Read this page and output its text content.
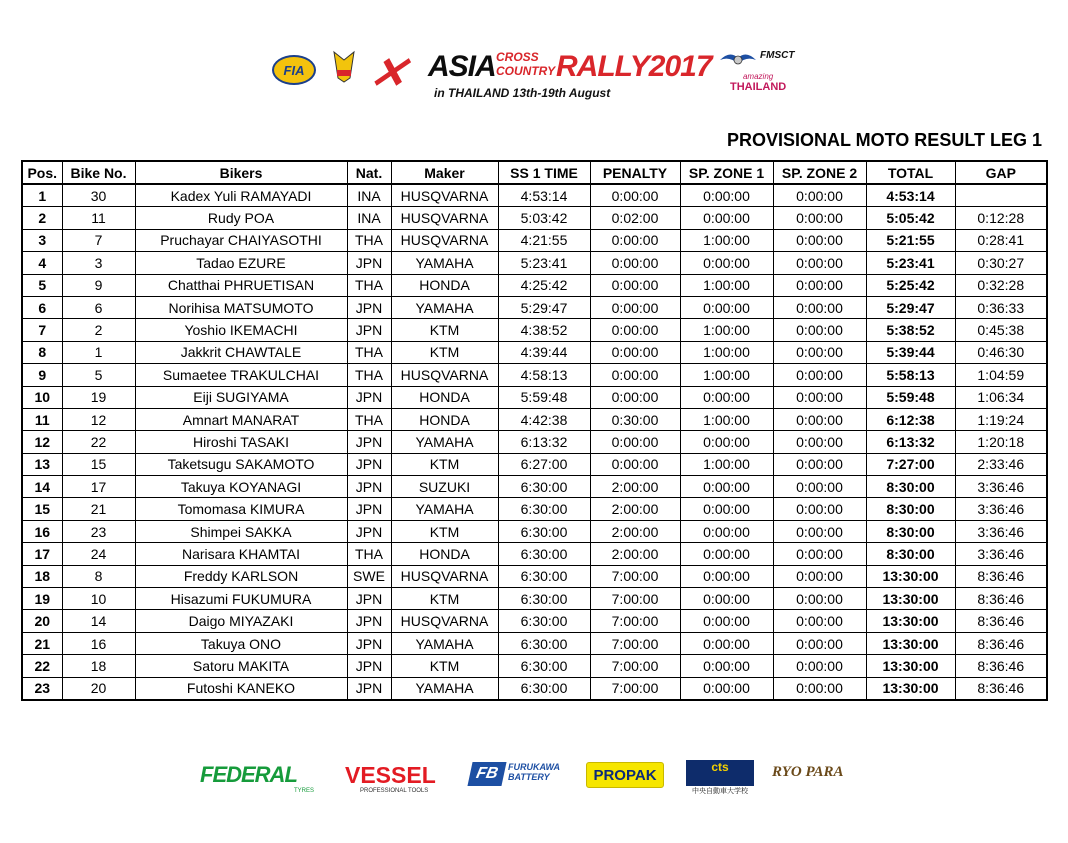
FIA ✕ ASIA CROSS
COUNTRY RALLY2017
in THAILAND 13th-19th August
FMSCT
amazing
THAILAND
PROVISIONAL MOTO RESULT LEG 1
Pos.	Bike No.	Bikers	Nat.	Maker	SS 1 TIME	PENALTY	SP. ZONE 1	SP. ZONE 2	TOTAL	GAP
1	30	Kadex Yuli RAMAYADI	INA	HUSQVARNA	4:53:14	0:00:00	0:00:00	0:00:00	4:53:14	
2	11	Rudy POA	INA	HUSQVARNA	5:03:42	0:02:00	0:00:00	0:00:00	5:05:42	0:12:28
3	7	Pruchayar CHAIYASOTHI	THA	HUSQVARNA	4:21:55	0:00:00	1:00:00	0:00:00	5:21:55	0:28:41
4	3	Tadao EZURE	JPN	YAMAHA	5:23:41	0:00:00	0:00:00	0:00:00	5:23:41	0:30:27
5	9	Chatthai PHRUETISAN	THA	HONDA	4:25:42	0:00:00	1:00:00	0:00:00	5:25:42	0:32:28
6	6	Norihisa MATSUMOTO	JPN	YAMAHA	5:29:47	0:00:00	0:00:00	0:00:00	5:29:47	0:36:33
7	2	Yoshio IKEMACHI	JPN	KTM	4:38:52	0:00:00	1:00:00	0:00:00	5:38:52	0:45:38
8	1	Jakkrit CHAWTALE	THA	KTM	4:39:44	0:00:00	1:00:00	0:00:00	5:39:44	0:46:30
9	5	Sumaetee TRAKULCHAI	THA	HUSQVARNA	4:58:13	0:00:00	1:00:00	0:00:00	5:58:13	1:04:59
10	19	Eiji SUGIYAMA	JPN	HONDA	5:59:48	0:00:00	0:00:00	0:00:00	5:59:48	1:06:34
11	12	Amnart MANARAT	THA	HONDA	4:42:38	0:30:00	1:00:00	0:00:00	6:12:38	1:19:24
12	22	Hiroshi TASAKI	JPN	YAMAHA	6:13:32	0:00:00	0:00:00	0:00:00	6:13:32	1:20:18
13	15	Taketsugu SAKAMOTO	JPN	KTM	6:27:00	0:00:00	1:00:00	0:00:00	7:27:00	2:33:46
14	17	Takuya KOYANAGI	JPN	SUZUKI	6:30:00	2:00:00	0:00:00	0:00:00	8:30:00	3:36:46
15	21	Tomomasa KIMURA	JPN	YAMAHA	6:30:00	2:00:00	0:00:00	0:00:00	8:30:00	3:36:46
16	23	Shimpei SAKKA	JPN	KTM	6:30:00	2:00:00	0:00:00	0:00:00	8:30:00	3:36:46
17	24	Narisara KHAMTAI	THA	HONDA	6:30:00	2:00:00	0:00:00	0:00:00	8:30:00	3:36:46
18	8	Freddy KARLSON	SWE	HUSQVARNA	6:30:00	7:00:00	0:00:00	0:00:00	13:30:00	8:36:46
19	10	Hisazumi FUKUMURA	JPN	KTM	6:30:00	7:00:00	0:00:00	0:00:00	13:30:00	8:36:46
20	14	Daigo MIYAZAKI	JPN	HUSQVARNA	6:30:00	7:00:00	0:00:00	0:00:00	13:30:00	8:36:46
21	16	Takuya ONO	JPN	YAMAHA	6:30:00	7:00:00	0:00:00	0:00:00	13:30:00	8:36:46
22	18	Satoru MAKITA	JPN	KTM	6:30:00	7:00:00	0:00:00	0:00:00	13:30:00	8:36:46
23	20	Futoshi KANEKO	JPN	YAMAHA	6:30:00	7:00:00	0:00:00	0:00:00	13:30:00	8:36:46
FEDERAL
TYRES
VESSEL
PROFESSIONAL TOOLS
FB FURUKAWA
BATTERY	PROPAK	cts
中央自動車大学校
RYO PARA
